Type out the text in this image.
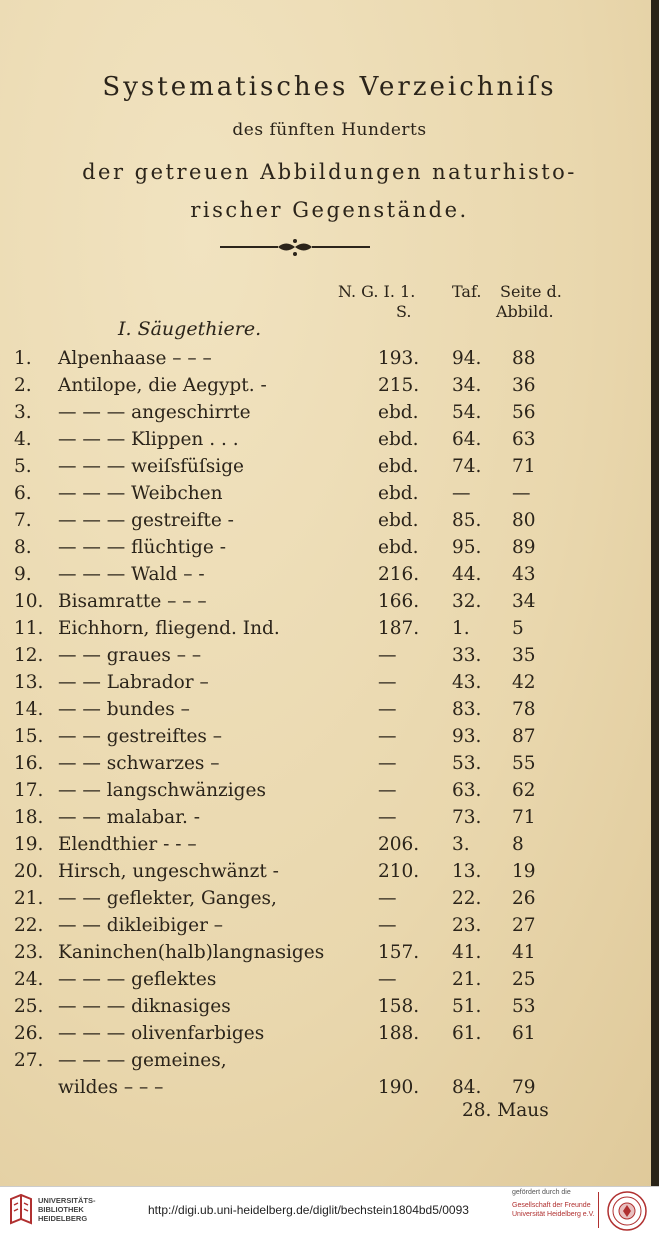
Systematisches Verzeichniſs
des fünften Hunderts
der getreuen Abbildungen naturhisto-
rischer Gegenstände.
N. G. I. 1.
S.
Taf. Seite d.
Abbild.
I. Säugethiere.
1. Alpenhaase – – –	193. 94. 88
2. Antilope, die Aegypt. -	215. 34. 36
3. — — — angeschirrte	ebd. 54. 56
4. — — — Klippen . . .	ebd. 64. 63
5. — — — weiſsfüſsige	ebd. 74. 71
6. — — — Weibchen	ebd. — —
7. — — — gestreifte -	ebd. 85. 80
8. — — — flüchtige -	ebd. 95. 89
9. — — — Wald – -	216. 44. 43
10. Bisamratte – – –	166. 32. 34
11. Eichhorn, fliegend. Ind.	187. 1. 5
12. — — graues – –	—	33. 35
13. — — Labrador –	—	43. 42
14. — — bundes –	—	83. 78
15. — — gestreiftes –	—	93. 87
16. — — schwarzes –	—	53. 55
17. — — langschwänziges	—	63. 62
18. — — malabar. -	—	73. 71
19. Elendthier - - –	206. 3. 8
20. Hirsch, ungeschwänzt -	210. 13. 19
21. — — geflekter, Ganges,	—	22. 26
22. — — dikleibiger –	—	23. 27
23. Kaninchen(halb)langnasiges	157. 41. 41
24. — — — geflektes	—	21. 25
25. — — — diknasiges	158. 51. 53
26. — — — olivenfarbiges	188. 61. 61
27. — — — gemeines,
wildes – – –	190. 84. 79
28. Maus
UNIVERSITÄTS-
BIBLIOTHEK
HEIDELBERG
http://digi.ub.uni-heidelberg.de/diglit/bechstein1804bd5/0093
gefördert durch die
Gesellschaft der Freunde
Universität Heidelberg e.V.
